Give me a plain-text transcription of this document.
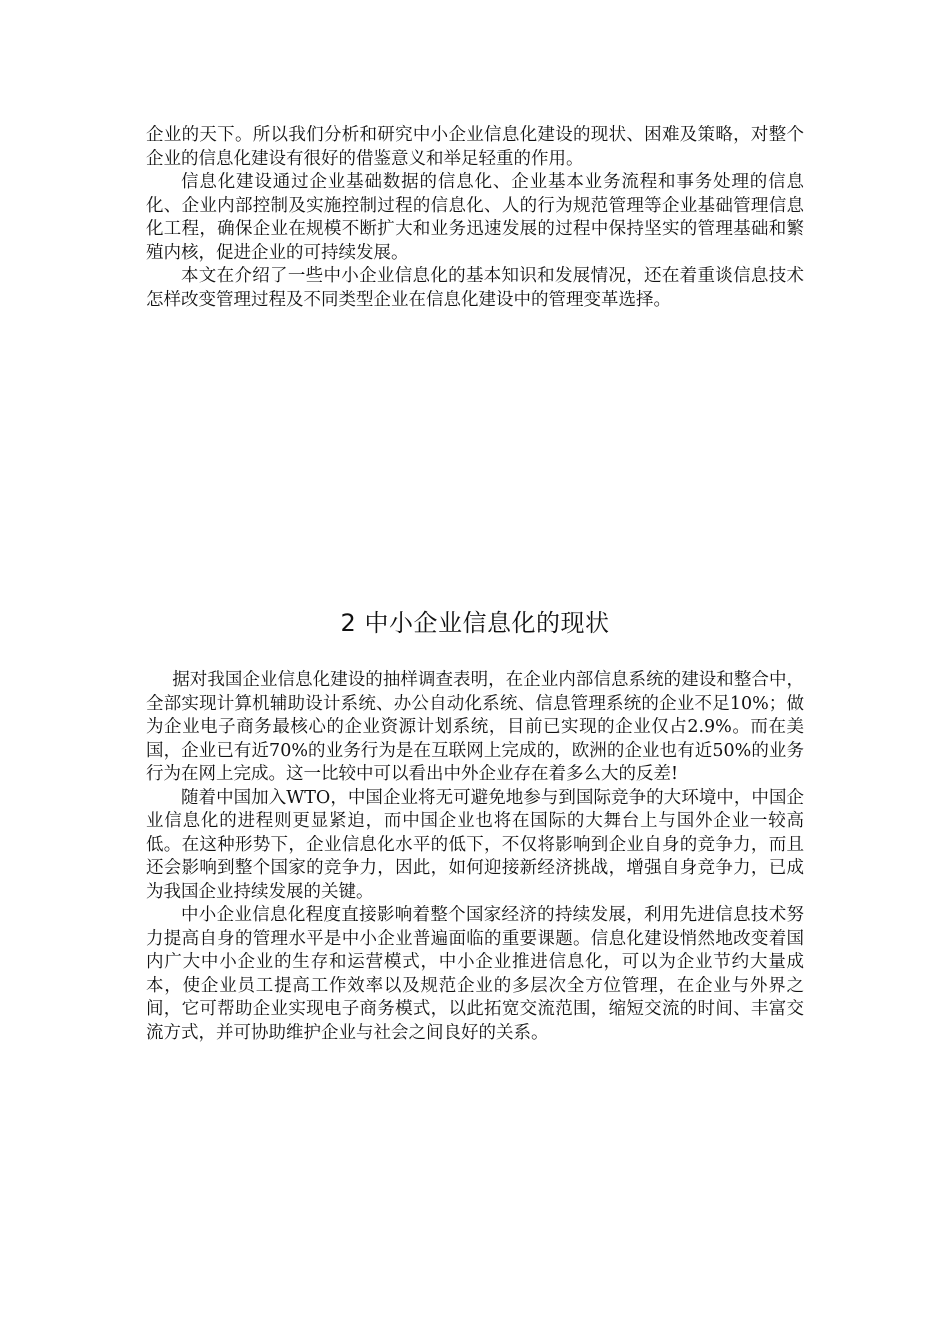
企业的天下。所以我们分析和研究中小企业信息化建设的现状、困难及策略，对整个企业的信息化建设有很好的借鉴意义和举足轻重的作用。

信息化建设通过企业基础数据的信息化、企业基本业务流程和事务处理的信息化、企业内部控制及实施控制过程的信息化、人的行为规范管理等企业基础管理信息化工程，确保企业在规模不断扩大和业务迅速发展的过程中保持坚实的管理基础和繁殖内核，促进企业的可持续发展。

本文在介绍了一些中小企业信息化的基本知识和发展情况，还在着重谈信息技术怎样改变管理过程及不同类型企业在信息化建设中的管理变革选择。

2 中小企业信息化的现状

据对我国企业信息化建设的抽样调查表明，在企业内部信息系统的建设和整合中，全部实现计算机辅助设计系统、办公自动化系统、信息管理系统的企业不足10%；做为企业电子商务最核心的企业资源计划系统，目前已实现的企业仅占2.9%。而在美国，企业已有近70%的业务行为是在互联网上完成的，欧洲的企业也有近50%的业务行为在网上完成。这一比较中可以看出中外企业存在着多么大的反差!

随着中国加入WTO，中国企业将无可避免地参与到国际竞争的大环境中，中国企业信息化的进程则更显紧迫，而中国企业也将在国际的大舞台上与国外企业一较高低。在这种形势下，企业信息化水平的低下，不仅将影响到企业自身的竞争力，而且还会影响到整个国家的竞争力，因此，如何迎接新经济挑战，增强自身竞争力，已成为我国企业持续发展的关键。

中小企业信息化程度直接影响着整个国家经济的持续发展，利用先进信息技术努力提高自身的管理水平是中小企业普遍面临的重要课题。信息化建设悄然地改变着国内广大中小企业的生存和运营模式，中小企业推进信息化，可以为企业节约大量成本，使企业员工提高工作效率以及规范企业的多层次全方位管理，在企业与外界之间，它可帮助企业实现电子商务模式，以此拓宽交流范围，缩短交流的时间、丰富交流方式，并可协助维护企业与社会之间良好的关系。
